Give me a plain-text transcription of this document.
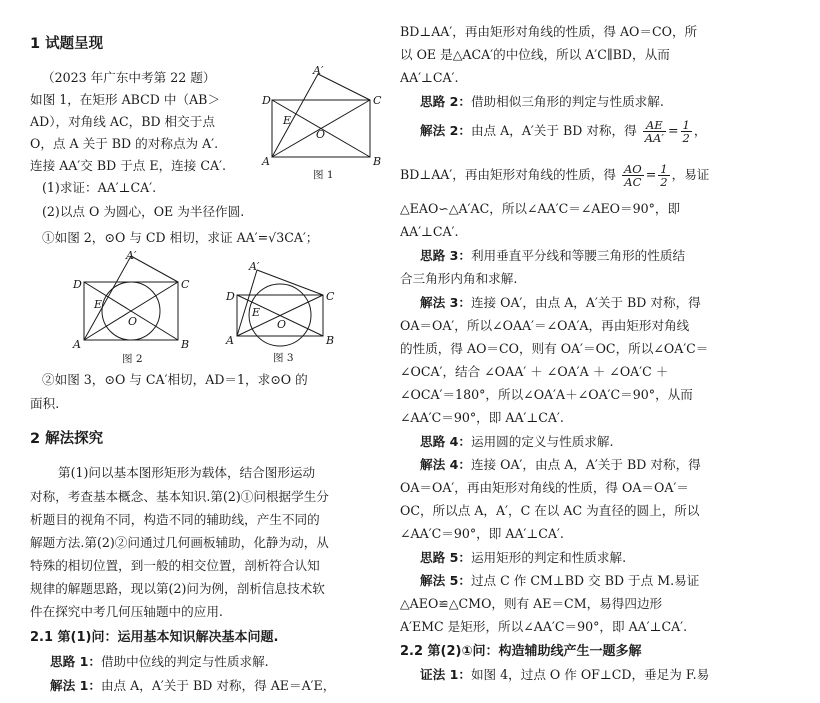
1 试题呈现
（2023 年广东中考第 22 题）
如图 1，在矩形 ABCD 中（AB＞
AD），对角线 AC，BD 相交于点
O，点 A 关于 BD 的对称点为 A′.
连接 AA′交 BD 于点 E，连接 CA′.
(1)求证：AA′⊥CA′.
(2)以点 O 为圆心，OE 为半径作圆.
①如图 2，⊙O 与 CD 相切，求证 AA′=√3CA′；
②如图 3，⊙O 与 CA′相切，AD＝1，求⊙O 的
面积.
2 解法探究
第(1)问以基本图形矩形为载体，结合图形运动
对称，考查基本概念、基本知识.第(2)①问根据学生分
析题目的视角不同，构造不同的辅助线，产生不同的
解题方法.第(2)②问通过几何画板辅助，化静为动，从
特殊的相切位置，到一般的相交位置，剖析符合认知
规律的解题思路，现以第(2)问为例，剖析信息技术软
件在探究中考几何压轴题中的应用.
2.1 第(1)问：运用基本知识解决基本问题.
思路 1：借助中位线的判定与性质求解.
解法 1：由点 A，A′关于 BD 对称，得 AE＝A′E，
D	C
A	B
A′
E
O
图 1
D	C
A	B
A′
E
O
图 2
D	C
A	B
A′
E
O
图 3
BD⊥AA′，再由矩形对角线的性质，得 AO＝CO，所
以 OE 是△ACA′的中位线，所以 A′C∥BD，从而
AA′⊥CA′.
思路 2：借助相似三角形的判定与性质求解.
解法 2：由点 A，A′关于 BD 对称，得 $\frac{AE}{AA'} = \frac{1}{2}$ ，
BD⊥AA′，再由矩形对角线的性质，得 $\frac{AO}{AC} = \frac{1}{2}$ ，易证
△EAO∽△A′AC，所以∠AA′C＝∠AEO＝90°，即
AA′⊥CA′.
思路 3：利用垂直平分线和等腰三角形的性质结
合三角形内角和求解.
解法 3：连接 OA′，由点 A，A′关于 BD 对称，得
OA＝OA′，所以∠OAA′＝∠OA′A，再由矩形对角线
的性质，得 AO＝CO，则有 OA′＝OC，所以∠OA′C＝
∠OCA′，结合 ∠OAA′ ＋ ∠OA′A ＋ ∠OA′C ＋
∠OCA′＝180°，所以∠OA′A＋∠OA′C＝90°，从而
∠AA′C＝90°，即 AA′⊥CA′.
思路 4：运用圆的定义与性质求解.
解法 4：连接 OA′，由点 A，A′关于 BD 对称，得
OA＝OA′，再由矩形对角线的性质，得 OA＝OA′＝
OC，所以点 A，A′，C 在以 AC 为直径的圆上，所以
∠AA′C＝90°，即 AA′⊥CA′.
思路 5：运用矩形的判定和性质求解.
解法 5：过点 C 作 CM⊥BD 交 BD 于点 M.易证
△AEO≌△CMO，则有 AE＝CM，易得四边形
A′EMC 是矩形，所以∠AA′C＝90°，即 AA′⊥CA′.
2.2 第(2)①问：构造辅助线产生一题多解
证法 1：如图 4，过点 O 作 OF⊥CD，垂足为 F.易
